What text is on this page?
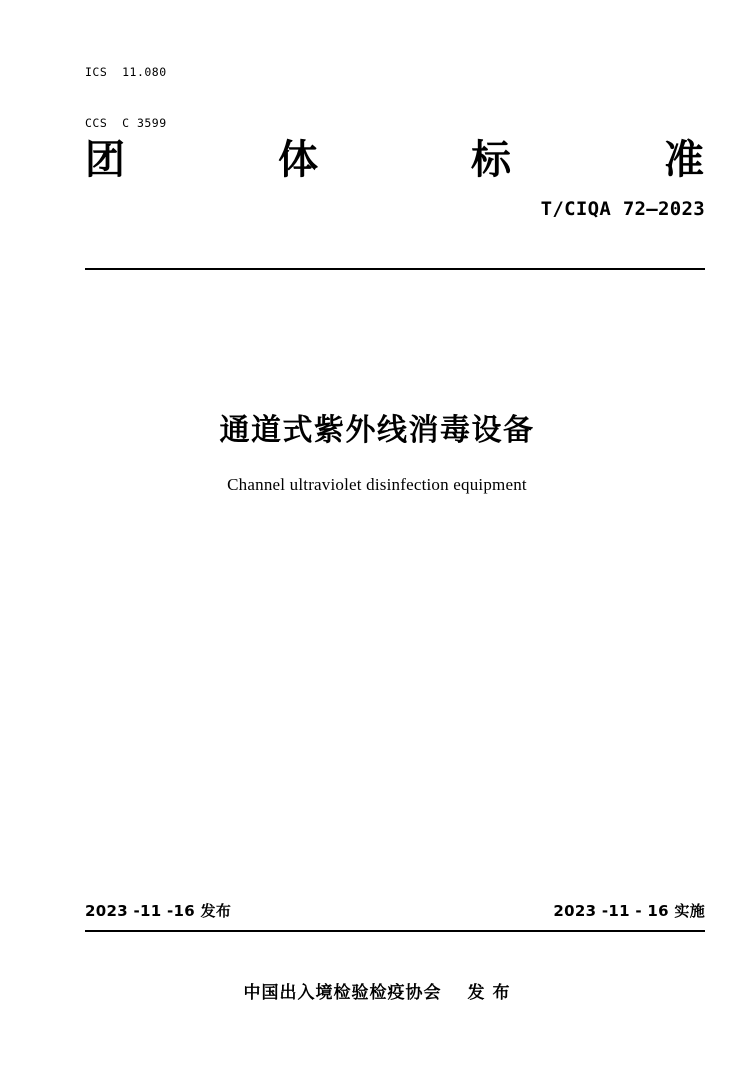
ICS  11.080

CCS  C 3599

团	体	标	准
T/CIQA 72—2023
通道式紫外线消毒设备
Channel ultraviolet disinfection equipment
2023 -11 -16 发布	2023 -11 - 16 实施
中国出入境检验检疫协会 发 布
